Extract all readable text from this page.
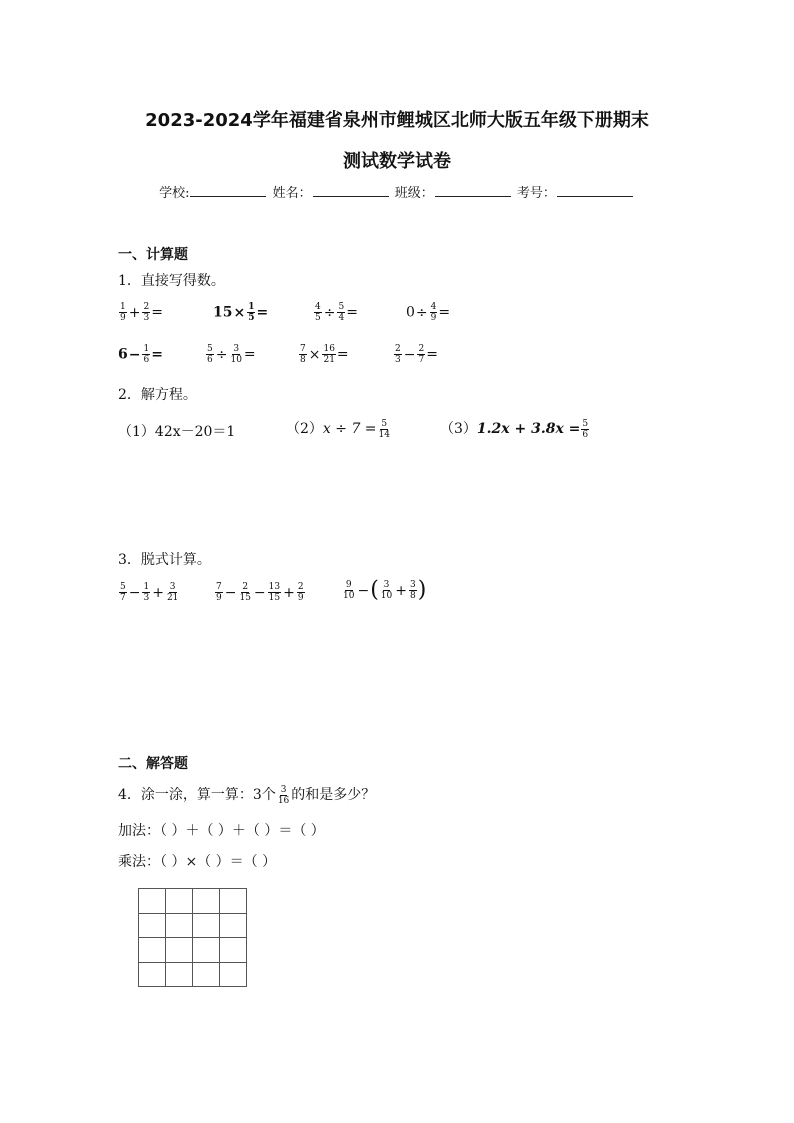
2023-2024学年福建省泉州市鲤城区北师大版五年级下册期末
测试数学试卷
学校:	姓名：	班级：	考号：
一、计算题
1．直接写得数。
$\frac{1}{9} + \frac{2}{3}$ =	$15\times \frac{1}{5}$ =	$\frac{4}{5} \div \frac{5}{4}$ =	$0\div \frac{4}{9}$ =
$6- \frac{1}{6}$ =	$\frac{5}{6} \div \frac{3}{10}$ =	$\frac{7}{8} \times \frac{16}{21}$ =	$\frac{2}{3} - \frac{2}{7}$ =
2．解方程。
（1）42x－20＝1	$(2)x \div 7 = \frac{5}{14}$	$(3)1.2x + 3.8x = \frac{5}{6}$
3．脱式计算。
$\frac{5}{7} - \frac{1}{3} + \frac{3}{21}$	$\frac{7}{9} - \frac{2}{15} - \frac{13}{15} + \frac{2}{9}$	$\frac{9}{10}$ −( $\frac{3}{10} + \frac{3}{8}$ )
二、解答题
4．涂一涂，算一算：3个 $\frac{3}{16}$ 的和是多少？
加法：（ ）＋（ ）＋（ ）＝（ ）
乘法：（ ）×（ ）＝（ ）
